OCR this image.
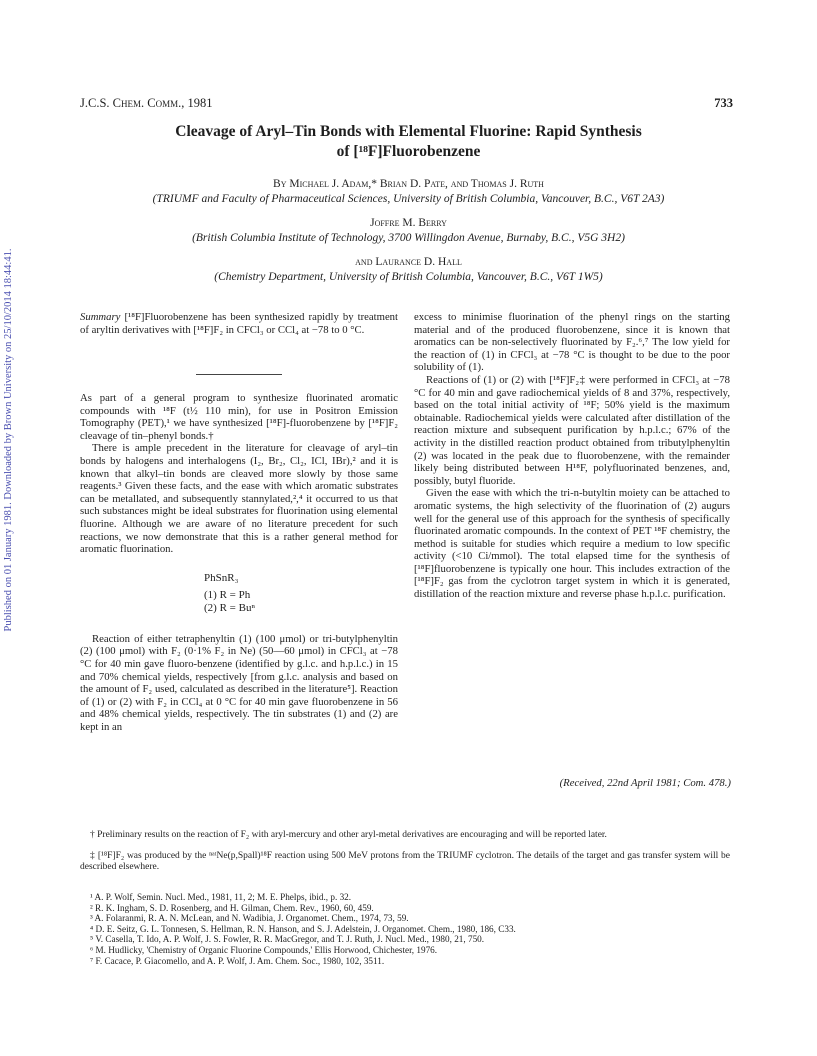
J.C.S. Chem. Comm., 1981	733
Published on 01 January 1981. Downloaded by Brown University on 25/10/2014 18:44:41.
Cleavage of Aryl–Tin Bonds with Elemental Fluorine: Rapid Synthesis
of [¹⁸F]Fluorobenzene
By Michael J. Adam,* Brian D. Pate, and Thomas J. Ruth
(TRIUMF and Faculty of Pharmaceutical Sciences, University of British Columbia, Vancouver, B.C., V6T 2A3)
Joffre M. Berry
(British Columbia Institute of Technology, 3700 Willingdon Avenue, Burnaby, B.C., V5G 3H2)
and Laurance D. Hall
(Chemistry Department, University of British Columbia, Vancouver, B.C., V6T 1W5)
Summary [¹⁸F]Fluorobenzene has been synthesized rapidly by treatment of aryltin derivatives with [¹⁸F]F₂ in CFCl₃ or CCl₄ at −78 to 0 °C.

As part of a general program to synthesize fluorinated aromatic compounds with ¹⁸F (t½ 110 min), for use in Positron Emission Tomography (PET),¹ we have synthesized [¹⁸F]-fluorobenzene by [¹⁸F]F₂ cleavage of tin–phenyl bonds.†

There is ample precedent in the literature for cleavage of aryl–tin bonds by halogens and interhalogens (I₂, Br₂, Cl₂, ICl, IBr),² and it is known that alkyl–tin bonds are cleaved more slowly by those same reagents.³ Given these facts, and the ease with which aromatic substrates can be metallated, and subsequently stannylated,²,⁴ it occurred to us that such substances might be ideal substrates for fluorination using elemental fluorine. Although we are aware of no literature precedent for such reactions, we now demonstrate that this is a rather general method for aromatic fluorination.

PhSnR₃
(1) R = Ph
(2) R = Buⁿ

Reaction of either tetraphenyltin (1) (100 μmol) or tri-butylphenyltin (2) (100 μmol) with F₂ (0·1% F₂ in Ne) (50—60 μmol) in CFCl₃ at −78 °C for 40 min gave fluoro-benzene (identified by g.l.c. and h.p.l.c.) in 15 and 70% chemical yields, respectively [from g.l.c. analysis and based on the amount of F₂ used, calculated as described in the literature⁵]. Reaction of (1) or (2) with F₂ in CCl₄ at 0 °C for 40 min gave fluorobenzene in 56 and 48% chemical yields, respectively. The tin substrates (1) and (2) are kept in an

excess to minimise fluorination of the phenyl rings on the starting material and of the produced fluorobenzene, since it is known that aromatics can be non-selectively fluorinated by F₂.⁶,⁷ The low yield for the reaction of (1) in CFCl₃ at −78 °C is thought to be due to the poor solubility of (1).

Reactions of (1) or (2) with [¹⁸F]F₂‡ were performed in CFCl₃ at −78 °C for 40 min and gave radiochemical yields of 8 and 37%, respectively, based on the total initial activity of ¹⁸F; 50% yield is the maximum obtainable. Radiochemical yields were calculated after distillation of the reaction mixture and subsequent purification by h.p.l.c.; 67% of the activity in the distilled reaction product obtained from tributylphenyltin (2) was located in the peak due to fluorobenzene, with the remainder likely being distributed between H¹⁸F, polyfluorinated benzenes, and, possibly, butyl fluoride.

Given the ease with which the tri-n-butyltin moiety can be attached to aromatic systems, the high selectivity of the fluorination of (2) augurs well for the general use of this approach for the synthesis of specifically fluorinated aromatic compounds. In the context of PET ¹⁸F chemistry, the method is suitable for studies which require a medium to low specific activity (<10 Ci/mmol). The total elapsed time for the synthesis of [¹⁸F]fluorobenzene is typically one hour. This includes extraction of the [¹⁸F]F₂ gas from the cyclotron target system in which it is generated, distillation of the reaction mixture and reverse phase h.p.l.c. purification.

(Received, 22nd April 1981; Com. 478.)
† Preliminary results on the reaction of F₂ with aryl-mercury and other aryl-metal derivatives are encouraging and will be reported later.
‡ [¹⁸F]F₂ was produced by the ⁿᵃᵗNe(p,Spall)¹⁸F reaction using 500 MeV protons from the TRIUMF cyclotron. The details of the target and gas transfer system will be described elsewhere.
¹ A. P. Wolf, Semin. Nucl. Med., 1981, 11, 2; M. E. Phelps, ibid., p. 32.
² R. K. Ingham, S. D. Rosenberg, and H. Gilman, Chem. Rev., 1960, 60, 459.
³ A. Folaranmi, R. A. N. McLean, and N. Wadibia, J. Organomet. Chem., 1974, 73, 59.
⁴ D. E. Seitz, G. L. Tonnesen, S. Hellman, R. N. Hanson, and S. J. Adelstein, J. Organomet. Chem., 1980, 186, C33.
⁵ V. Casella, T. Ido, A. P. Wolf, J. S. Fowler, R. R. MacGregor, and T. J. Ruth, J. Nucl. Med., 1980, 21, 750.
⁶ M. Hudlicky, 'Chemistry of Organic Fluorine Compounds,' Ellis Horwood, Chichester, 1976.
⁷ F. Cacace, P. Giacomello, and A. P. Wolf, J. Am. Chem. Soc., 1980, 102, 3511.
